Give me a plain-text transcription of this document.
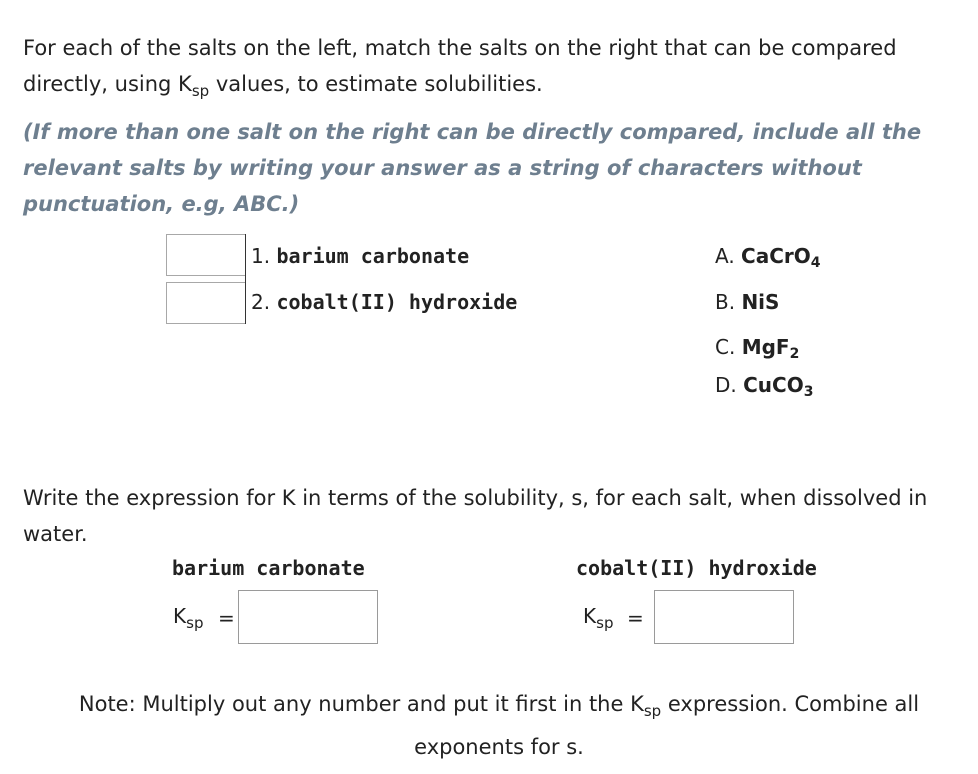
For each of the salts on the left, match the salts on the right that can be compared
directly, using $K_{sp}$ values, to estimate solubilities.
(If more than one salt on the right can be directly compared, include all the relevant salts by writing your answer as a string of characters without punctuation, e.g, ABC.)
1. barium carbonate
2. cobalt(II) hydroxide
A. CaCrO$_4$
B. NiS
C. MgF$_2$
D. CuCO$_3$
Write the expression for K in terms of the solubility, s, for each salt, when dissolved in water.
barium carbonate	cobalt(II) hydroxide
$K_{sp}$ =	$K_{sp}$ =
Note: Multiply out any number and put it first in the $K_{sp}$ expression. Combine all exponents for s.
